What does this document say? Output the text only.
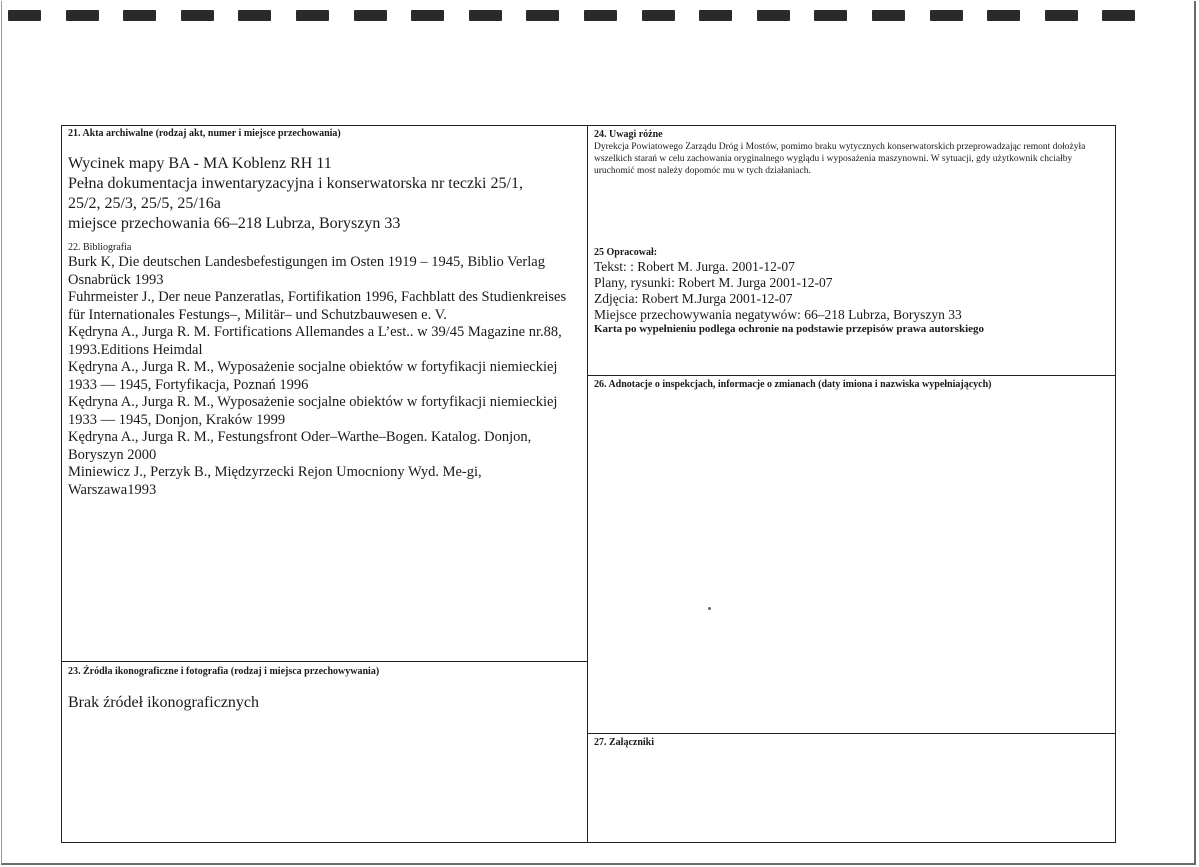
21. Akta archiwalne (rodzaj akt, numer i miejsce przechowania)
Wycinek mapy BA - MA Koblenz RH 11
Pełna dokumentacja inwentaryzacyjna i konserwatorska nr teczki 25/1,
25/2, 25/3, 25/5, 25/16a
miejsce przechowania 66–218 Lubrza, Boryszyn 33
22. Bibliografia
Burk K, Die deutschen Landesbefestigungen im Osten 1919 – 1945, Biblio Verlag Osnabrück 1993
Fuhrmeister J., Der neue Panzeratlas, Fortifikation 1996, Fachblatt des Studienkreises für Internationales Festungs–, Militär– und Schutzbauwesen e. V.
Kędryna A., Jurga R. M. Fortifications Allemandes a L’est.. w 39/45 Magazine nr.88, 1993.Editions Heimdal
Kędryna A., Jurga R. M., Wyposażenie socjalne obiektów w fortyfikacji niemieckiej 1933 — 1945, Fortyfikacja, Poznań 1996
Kędryna A., Jurga R. M., Wyposażenie socjalne obiektów w fortyfikacji niemieckiej 1933 — 1945, Donjon, Kraków 1999
Kędryna A., Jurga R. M., Festungsfront Oder–Warthe–Bogen. Katalog. Donjon, Boryszyn 2000
Miniewicz J., Perzyk B., Międzyrzecki Rejon Umocniony Wyd. Me-gi, Warszawa1993
23. Źródła ikonograficzne i fotografia (rodzaj i miejsca przechowywania)
Brak źródeł ikonograficznych
24. Uwagi różne
Dyrekcja Powiatowego Zarządu Dróg i Mostów, pomimo braku wytycznych konserwatorskich przeprowadzając remont dołożyła wszelkich starań w celu zachowania oryginalnego wyglądu i wyposażenia maszynowni. W sytuacji, gdy użytkownik chciałby uruchomić most należy dopomóc mu w tych działaniach.
25 Opracował:
Tekst: : Robert M. Jurga. 2001-12-07
Plany, rysunki: Robert M. Jurga 2001-12-07
Zdjęcia: Robert M.Jurga 2001-12-07
Miejsce przechowywania negatywów: 66–218 Lubrza, Boryszyn 33
Karta po wypełnieniu podlega ochronie na podstawie przepisów prawa autorskiego
26. Adnotacje o inspekcjach, informacje o zmianach (daty imiona i nazwiska wypełniających)
27. Załączniki
